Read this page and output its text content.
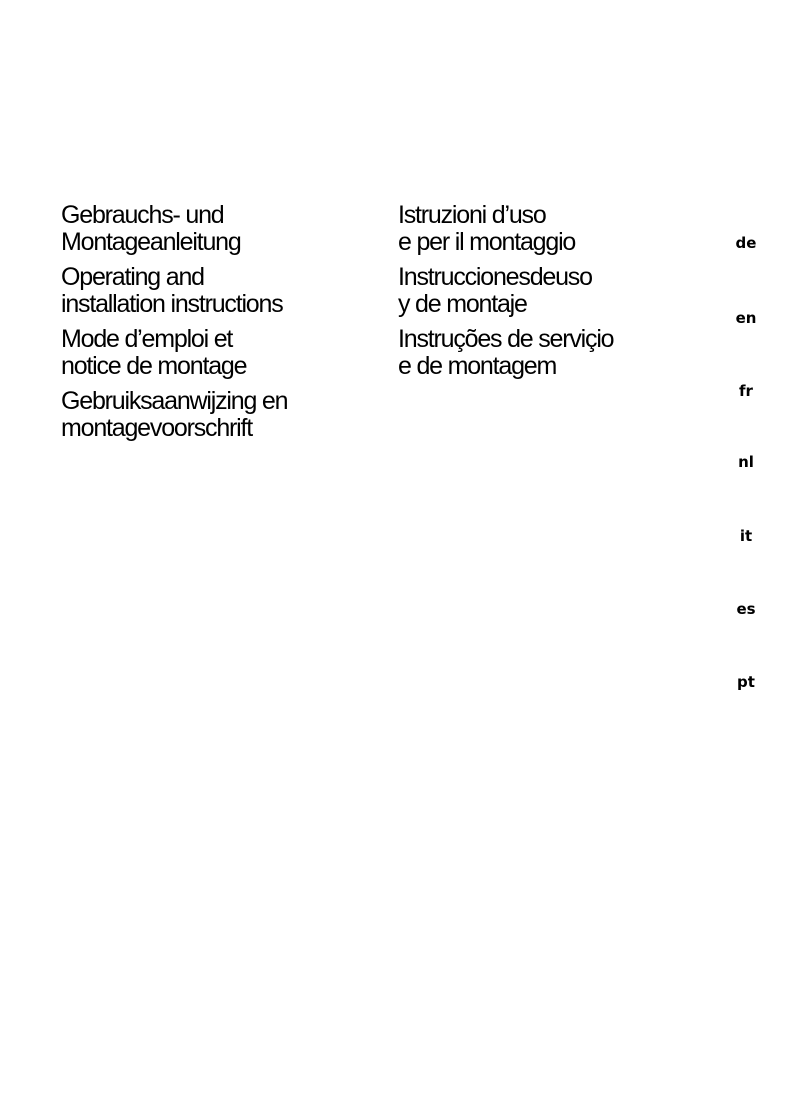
Gebrauchs- und
Montageanleitung
Operating and
installation instructions
Mode d’emploi et
notice de montage
Gebruiksaanwijzing en
montagevoorschrift
Istruzioni d’uso
e per il montaggio
Instruccionesdeuso
y de montaje
Instruções de serviçio
e de montagem
de
en
fr
nl
it
es
pt
